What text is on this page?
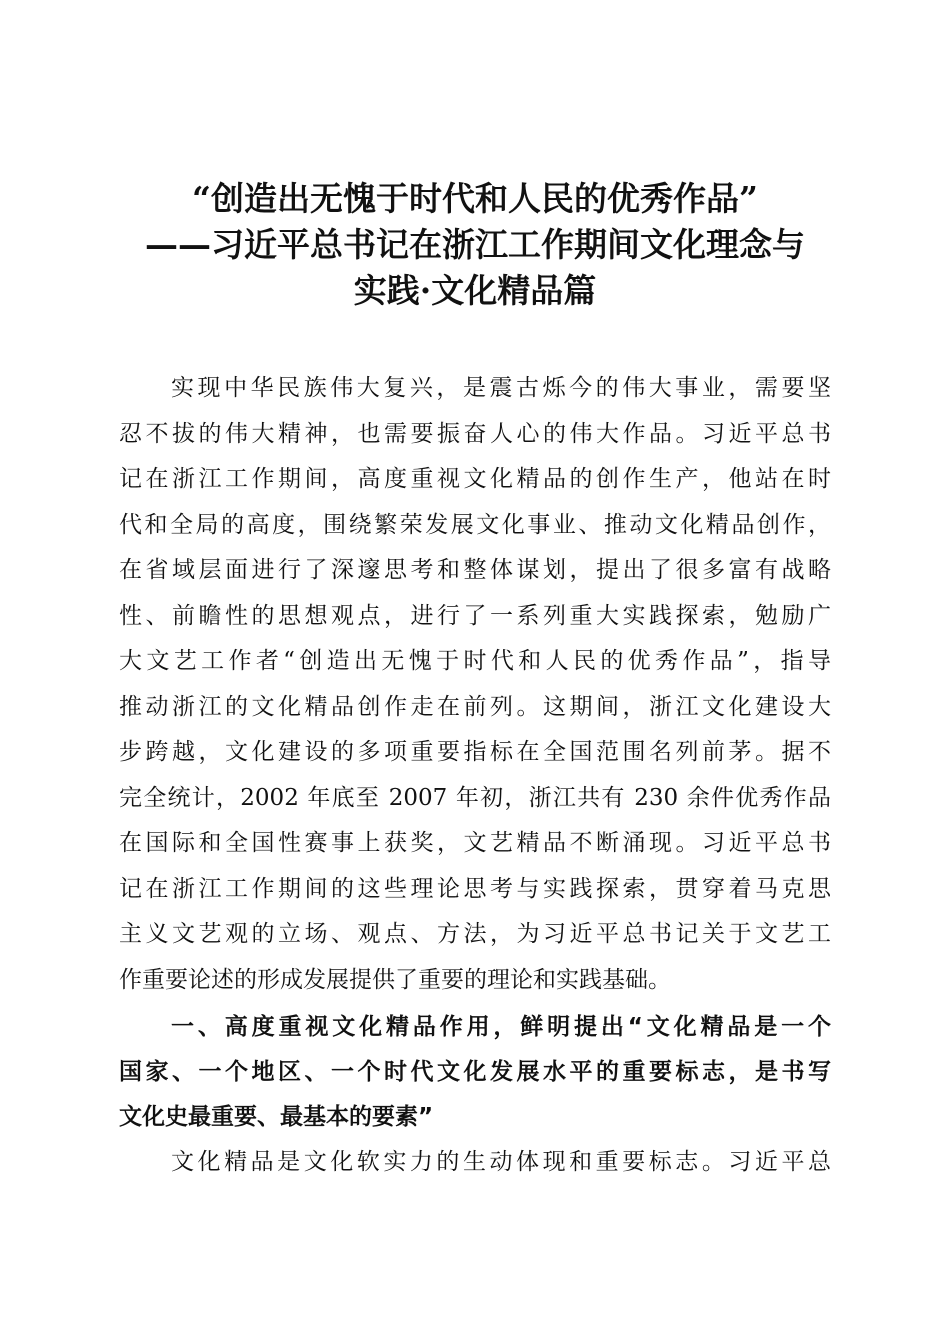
“创造出无愧于时代和人民的优秀作品”
——习近平总书记在浙江工作期间文化理念与
实践·文化精品篇

实现中华民族伟大复兴，是震古烁今的伟大事业，需要坚
忍不拔的伟大精神，也需要振奋人心的伟大作品。习近平总书
记在浙江工作期间，高度重视文化精品的创作生产，他站在时
代和全局的高度，围绕繁荣发展文化事业、推动文化精品创作，
在省域层面进行了深邃思考和整体谋划，提出了很多富有战略
性、前瞻性的思想观点，进行了一系列重大实践探索，勉励广
大文艺工作者“创造出无愧于时代和人民的优秀作品”，指导
推动浙江的文化精品创作走在前列。这期间，浙江文化建设大
步跨越，文化建设的多项重要指标在全国范围名列前茅。据不
完全统计，2002 年底至 2007 年初，浙江共有 230 余件优秀作品
在国际和全国性赛事上获奖，文艺精品不断涌现。习近平总书
记在浙江工作期间的这些理论思考与实践探索，贯穿着马克思
主义文艺观的立场、观点、方法，为习近平总书记关于文艺工
作重要论述的形成发展提供了重要的理论和实践基础。

一、高度重视文化精品作用，鲜明提出“文化精品是一个
国家、一个地区、一个时代文化发展水平的重要标志，是书写
文化史最重要、最基本的要素”

文化精品是文化软实力的生动体现和重要标志。习近平总
